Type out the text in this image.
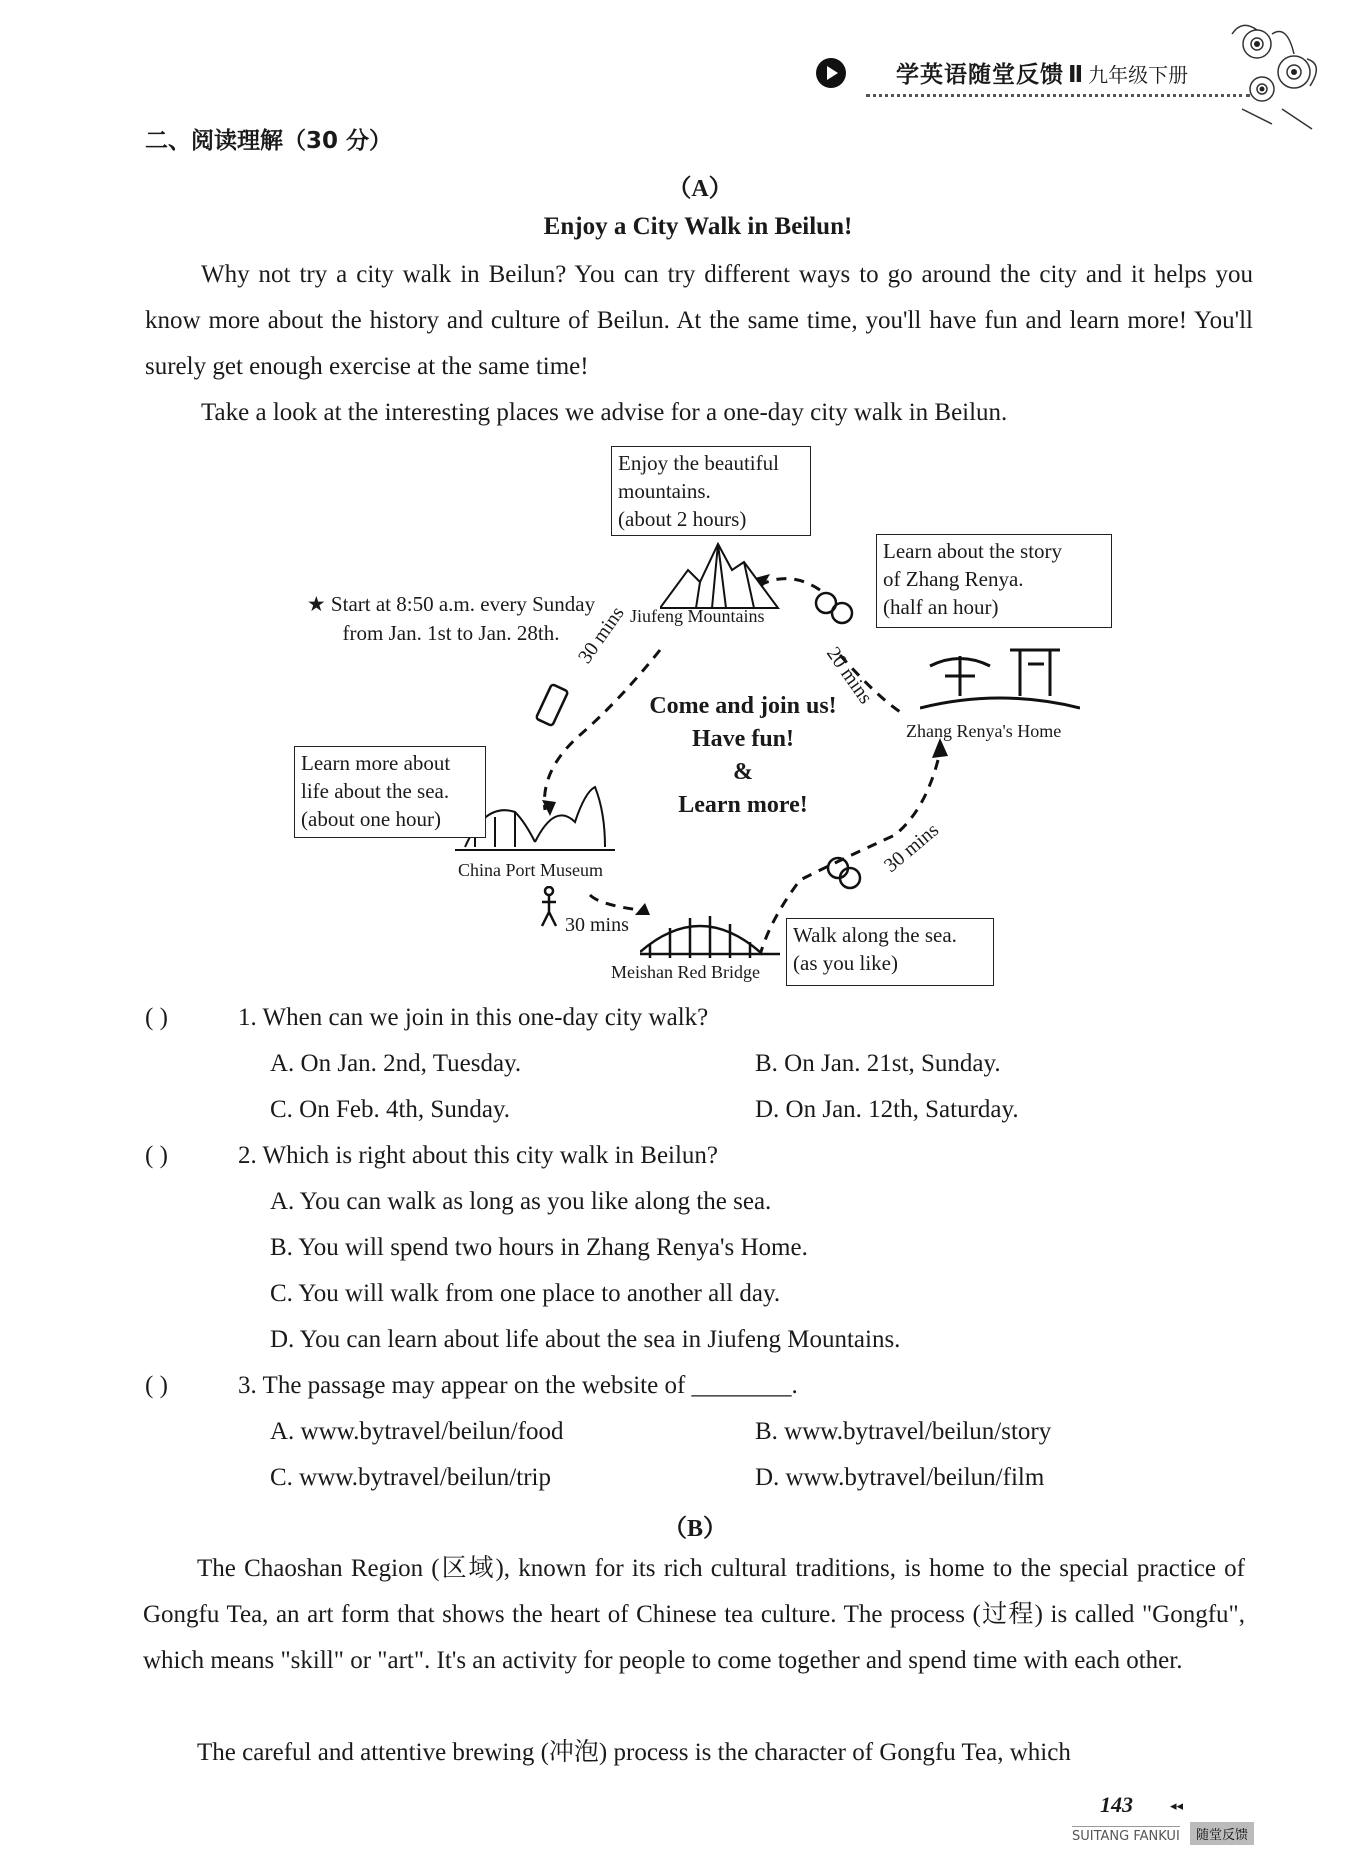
学英语随堂反馈 Ⅱ 九年级下册
二、阅读理解（30 分）
（A）
Enjoy a City Walk in Beilun!
Why not try a city walk in Beilun? You can try different ways to go around the city and it helps you know more about the history and culture of Beilun. At the same time, you'll have fun and learn more! You'll surely get enough exercise at the same time!
Take a look at the interesting places we advise for a one-day city walk in Beilun.
Enjoy the beautiful
mountains.
(about 2 hours)
Learn about the story
of Zhang Renya.
(half an hour)
Learn more about
life about the sea.
(about one hour)
Walk along the sea.
(as you like)
★ Start at 8:50 a.m. every Sunday
from Jan. 1st to Jan. 28th.
Jiufeng Mountains
Zhang Renya's Home
China Port Museum
Meishan Red Bridge
30 mins
20 mins
30 mins
30 mins
Come and join us!
Have fun!
&
Learn more!
( )	1. When can we join in this one-day city walk?
A. On Jan. 2nd, Tuesday.	B. On Jan. 21st, Sunday.
C. On Feb. 4th, Sunday.	D. On Jan. 12th, Saturday.
( )	2. Which is right about this city walk in Beilun?
A. You can walk as long as you like along the sea.
B. You will spend two hours in Zhang Renya's Home.
C. You will walk from one place to another all day.
D. You can learn about life about the sea in Jiufeng Mountains.
( )	3. The passage may appear on the website of ________.
A. www.bytravel/beilun/food	B. www.bytravel/beilun/story
C. www.bytravel/beilun/trip	D. www.bytravel/beilun/film
（B）
The Chaoshan Region (区域), known for its rich cultural traditions, is home to the special practice of Gongfu Tea, an art form that shows the heart of Chinese tea culture. The process (过程) is called "Gongfu", which means "skill" or "art". It's an activity for people to come together and spend time with each other.
The careful and attentive brewing (冲泡) process is the character of Gongfu Tea, which
143	◂◂
SUITANG FANKUI	随堂反馈
